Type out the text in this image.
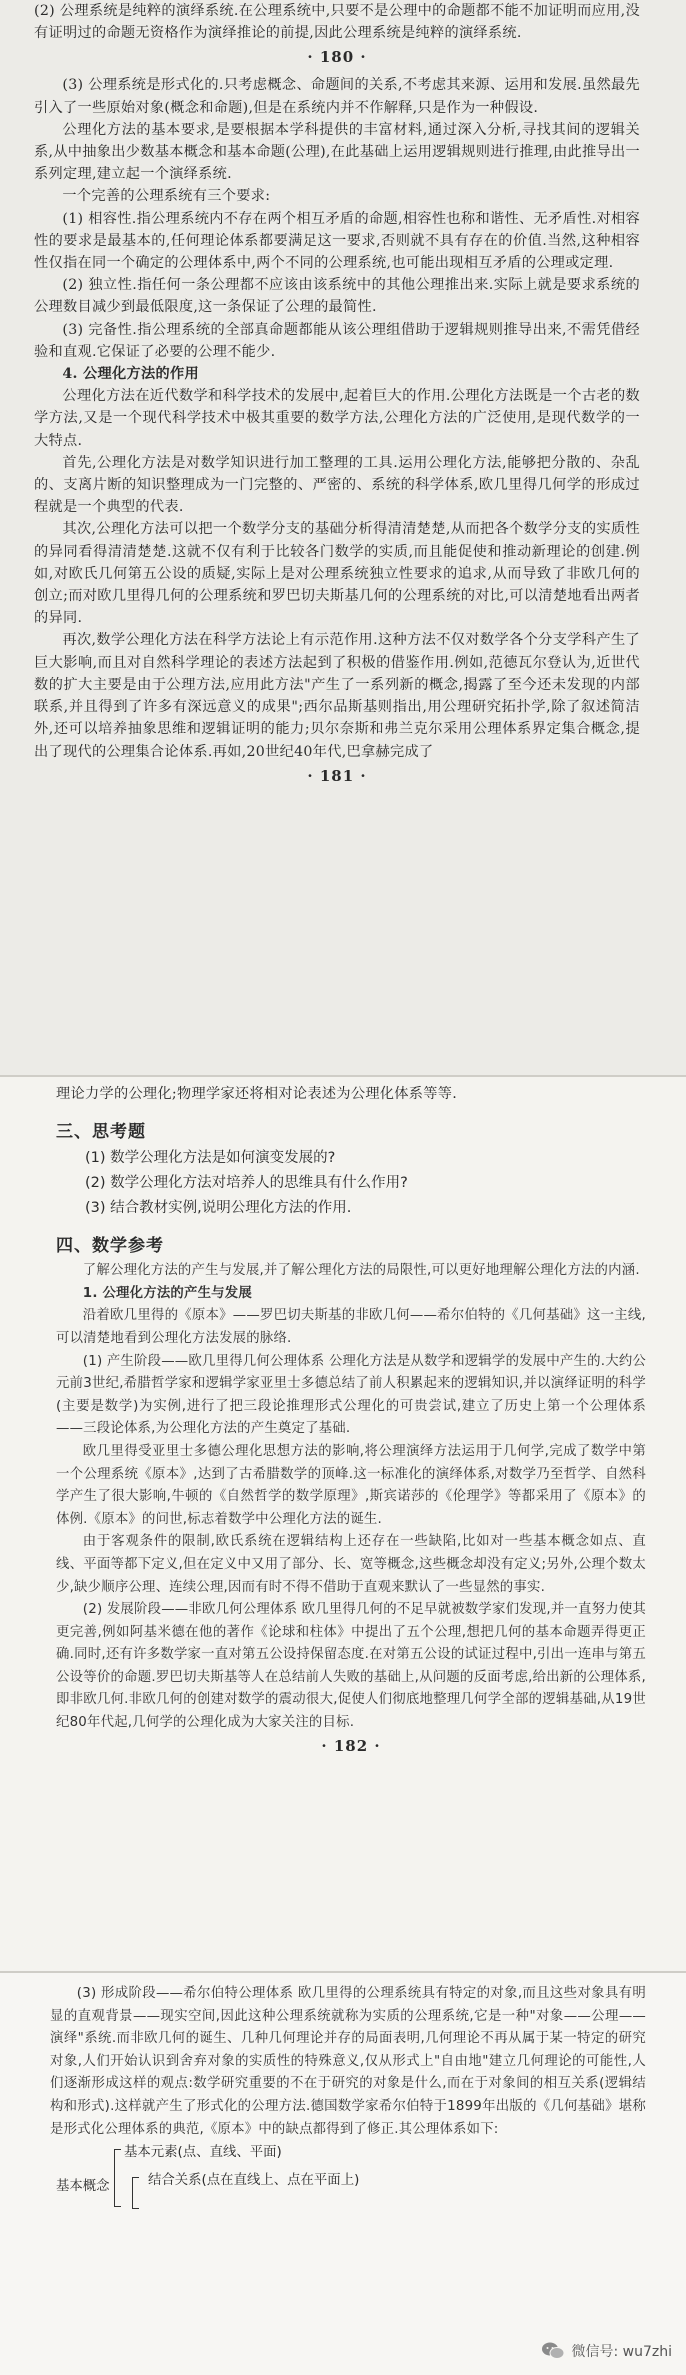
(2) 公理系统是纯粹的演绎系统.在公理系统中,只要不是公理中的命题都不能不加证明而应用,没有证明过的命题无资格作为演绎推论的前提,因此公理系统是纯粹的演绎系统.

· 180 ·

(3) 公理系统是形式化的.只考虑概念、命题间的关系,不考虑其来源、运用和发展.虽然最先引入了一些原始对象(概念和命题),但是在系统内并不作解释,只是作为一种假设.

公理化方法的基本要求,是要根据本学科提供的丰富材料,通过深入分析,寻找其间的逻辑关系,从中抽象出少数基本概念和基本命题(公理),在此基础上运用逻辑规则进行推理,由此推导出一系列定理,建立起一个演绎系统.

一个完善的公理系统有三个要求:

(1) 相容性.指公理系统内不存在两个相互矛盾的命题,相容性也称和谐性、无矛盾性.对相容性的要求是最基本的,任何理论体系都要满足这一要求,否则就不具有存在的价值.当然,这种相容性仅指在同一个确定的公理体系中,两个不同的公理系统,也可能出现相互矛盾的公理或定理.

(2) 独立性.指任何一条公理都不应该由该系统中的其他公理推出来.实际上就是要求系统的公理数目减少到最低限度,这一条保证了公理的最简性.

(3) 完备性.指公理系统的全部真命题都能从该公理组借助于逻辑规则推导出来,不需凭借经验和直观.它保证了必要的公理不能少.

4. 公理化方法的作用

公理化方法在近代数学和科学技术的发展中,起着巨大的作用.公理化方法既是一个古老的数学方法,又是一个现代科学技术中极其重要的数学方法,公理化方法的广泛使用,是现代数学的一大特点.

首先,公理化方法是对数学知识进行加工整理的工具.运用公理化方法,能够把分散的、杂乱的、支离片断的知识整理成为一门完整的、严密的、系统的科学体系,欧几里得几何学的形成过程就是一个典型的代表.

其次,公理化方法可以把一个数学分支的基础分析得清清楚楚,从而把各个数学分支的实质性的异同看得清清楚楚.这就不仅有利于比较各门数学的实质,而且能促使和推动新理论的创建.例如,对欧氏几何第五公设的质疑,实际上是对公理系统独立性要求的追求,从而导致了非欧几何的创立;而对欧几里得几何的公理系统和罗巴切夫斯基几何的公理系统的对比,可以清楚地看出两者的异同.

再次,数学公理化方法在科学方法论上有示范作用.这种方法不仅对数学各个分支学科产生了巨大影响,而且对自然科学理论的表述方法起到了积极的借鉴作用.例如,范德瓦尔登认为,近世代数的扩大主要是由于公理方法,应用此方法"产生了一系列新的概念,揭露了至今还未发现的内部联系,并且得到了许多有深远意义的成果";西尔品斯基则指出,用公理研究拓扑学,除了叙述简洁外,还可以培养抽象思维和逻辑证明的能力;贝尔奈斯和弗兰克尔采用公理体系界定集合概念,提出了现代的公理集合论体系.再如,20世纪40年代,巴拿赫完成了

· 181 ·

理论力学的公理化;物理学家还将相对论表述为公理化体系等等.

三、思考题

(1) 数学公理化方法是如何演变发展的?

(2) 数学公理化方法对培养人的思维具有什么作用?

(3) 结合教材实例,说明公理化方法的作用.

四、数学参考

了解公理化方法的产生与发展,并了解公理化方法的局限性,可以更好地理解公理化方法的内涵.

1. 公理化方法的产生与发展

沿着欧几里得的《原本》——罗巴切夫斯基的非欧几何——希尔伯特的《几何基础》这一主线,可以清楚地看到公理化方法发展的脉络.

(1) 产生阶段——欧几里得几何公理体系 公理化方法是从数学和逻辑学的发展中产生的.大约公元前3世纪,希腊哲学家和逻辑学家亚里士多德总结了前人积累起来的逻辑知识,并以演绎证明的科学(主要是数学)为实例,进行了把三段论推理形式公理化的可贵尝试,建立了历史上第一个公理体系——三段论体系,为公理化方法的产生奠定了基础.

欧几里得受亚里士多德公理化思想方法的影响,将公理演绎方法运用于几何学,完成了数学中第一个公理系统《原本》,达到了古希腊数学的顶峰.这一标准化的演绎体系,对数学乃至哲学、自然科学产生了很大影响,牛顿的《自然哲学的数学原理》,斯宾诺莎的《伦理学》等都采用了《原本》的体例.《原本》的问世,标志着数学中公理化方法的诞生.

由于客观条件的限制,欧氏系统在逻辑结构上还存在一些缺陷,比如对一些基本概念如点、直线、平面等都下定义,但在定义中又用了部分、长、宽等概念,这些概念却没有定义;另外,公理个数太少,缺少顺序公理、连续公理,因而有时不得不借助于直观来默认了一些显然的事实.

(2) 发展阶段——非欧几何公理体系 欧几里得几何的不足早就被数学家们发现,并一直努力使其更完善,例如阿基米德在他的著作《论球和柱体》中提出了五个公理,想把几何的基本命题弄得更正确.同时,还有许多数学家一直对第五公设持保留态度.在对第五公设的试证过程中,引出一连串与第五公设等价的命题.罗巴切夫斯基等人在总结前人失败的基础上,从问题的反面考虑,给出新的公理体系,即非欧几何.非欧几何的创建对数学的震动很大,促使人们彻底地整理几何学全部的逻辑基础,从19世纪80年代起,几何学的公理化成为大家关注的目标.

· 182 ·

(3) 形成阶段——希尔伯特公理体系 欧几里得的公理系统具有特定的对象,而且这些对象具有明显的直观背景——现实空间,因此这种公理系统就称为实质的公理系统,它是一种"对象——公理——演绎"系统.而非欧几何的诞生、几种几何理论并存的局面表明,几何理论不再从属于某一特定的研究对象,人们开始认识到舍弃对象的实质性的特殊意义,仅从形式上"自由地"建立几何理论的可能性,人们逐渐形成这样的观点:数学研究重要的不在于研究的对象是什么,而在于对象间的相互关系(逻辑结构和形式).这样就产生了形式化的公理方法.德国数学家希尔伯特于1899年出版的《几何基础》堪称是形式化公理体系的典范,《原本》中的缺点都得到了修正.其公理体系如下:

基本概念
基本元素(点、直线、平面)
结合关系(点在直线上、点在平面上)
微信号: wu7zhi
